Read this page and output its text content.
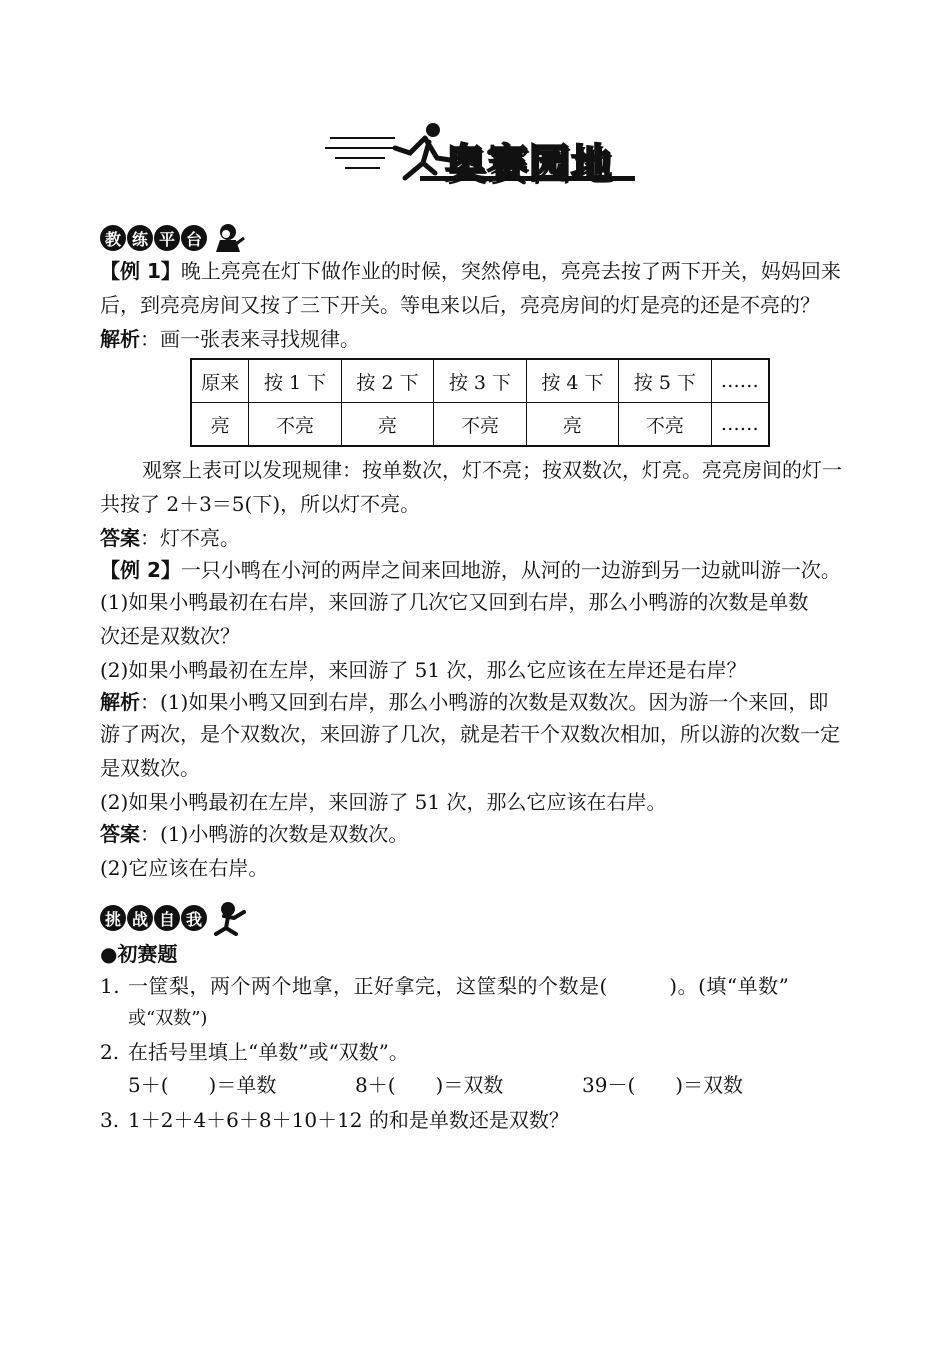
奥赛园地
教 练 平 台
【例 1】晚上亮亮在灯下做作业的时候，突然停电，亮亮去按了两下开关，妈妈回来
后，到亮亮房间又按了三下开关。等电来以后，亮亮房间的灯是亮的还是不亮的？
解析：画一张表来寻找规律。
原来	按 1 下	按 2 下	按 3 下	按 4 下	按 5 下	……
亮	不亮	亮	不亮	亮	不亮	……
观察上表可以发现规律：按单数次，灯不亮；按双数次，灯亮。亮亮房间的灯一
共按了 2＋3＝5(下)，所以灯不亮。
答案：灯不亮。
【例 2】一只小鸭在小河的两岸之间来回地游，从河的一边游到另一边就叫游一次。
(1)如果小鸭最初在右岸，来回游了几次它又回到右岸，那么小鸭游的次数是单数
次还是双数次？
(2)如果小鸭最初在左岸，来回游了 51 次，那么它应该在左岸还是右岸？
解析：(1)如果小鸭又回到右岸，那么小鸭游的次数是双数次。因为游一个来回，即
游了两次，是个双数次，来回游了几次，就是若干个双数次相加，所以游的次数一定
是双数次。
(2)如果小鸭最初在左岸，来回游了 51 次，那么它应该在右岸。
答案：(1)小鸭游的次数是双数次。
(2)它应该在右岸。
挑 战 自 我
●初赛题
1. 一筐梨，两个两个地拿，正好拿完，这筐梨的个数是(　　　)。(填“单数”
或“双数”)
2. 在括号里填上“单数”或“双数”。
5＋(　　)＝单数	8＋(　　)＝双数	39－(　　)＝双数
3. 1＋2＋4＋6＋8＋10＋12 的和是单数还是双数？
